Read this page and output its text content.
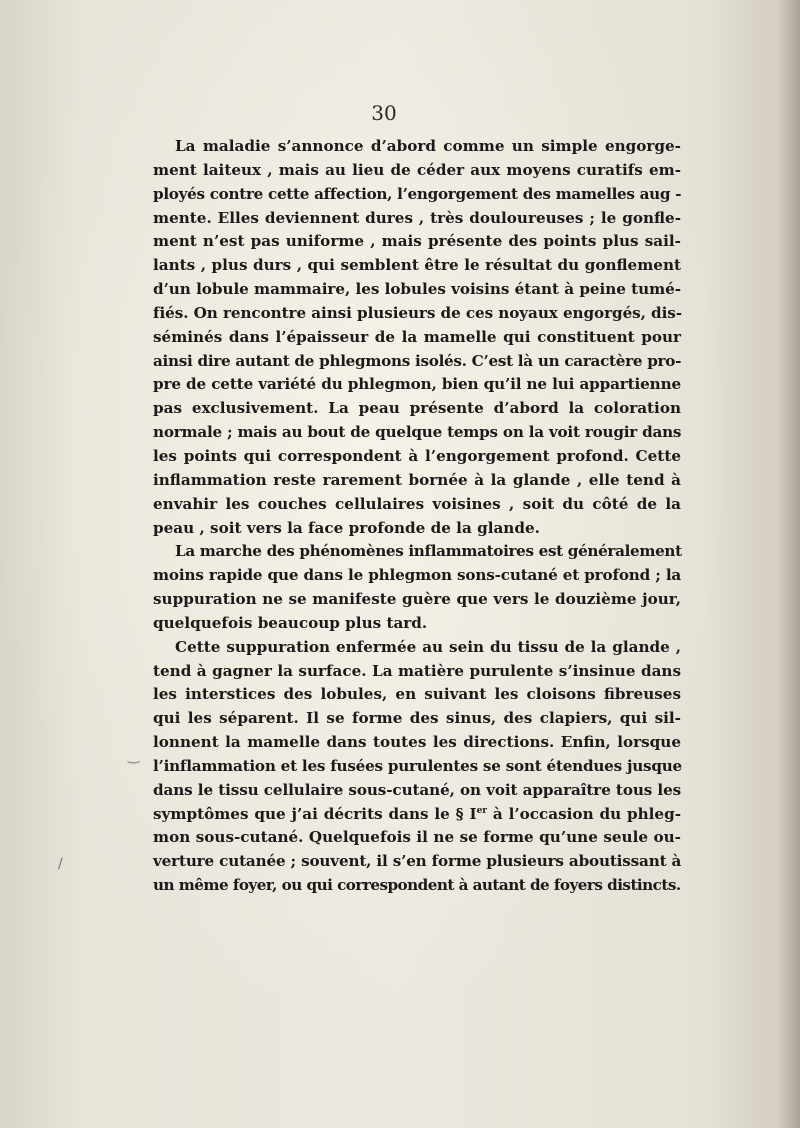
30
La maladie s’annonce d’abord comme un simple engorge-
ment laiteux , mais au lieu de céder aux moyens curatifs em-
ployés contre cette affection, l’engorgement des mamelles aug -
mente. Elles deviennent dures , très douloureuses ; le gonfle-
ment n’est pas uniforme , mais présente des points plus sail-
lants , plus durs , qui semblent être le résultat du gonflement
d’un lobule mammaire, les lobules voisins étant à peine tumé-
fiés. On rencontre ainsi plusieurs de ces noyaux engorgés, dis-
séminés dans l’épaisseur de la mamelle qui constituent pour
ainsi dire autant de phlegmons isolés. C’est là un caractère pro-
pre de cette variété du phlegmon, bien qu’il ne lui appartienne
pas exclusivement. La peau présente d’abord la coloration
normale ; mais au bout de quelque temps on la voit rougir dans
les points qui correspondent à l’engorgement profond. Cette
inflammation reste rarement bornée à la glande , elle tend à
envahir les couches cellulaires voisines , soit du côté de la
peau , soit vers la face profonde de la glande.
La marche des phénomènes inflammatoires est généralement
moins rapide que dans le phlegmon sons-cutané et profond ; la
suppuration ne se manifeste guère que vers le douzième jour,
quelquefois beaucoup plus tard.
Cette suppuration enfermée au sein du tissu de la glande ,
tend à gagner la surface. La matière purulente s’insinue dans
les interstices des lobules, en suivant les cloisons fibreuses
qui les séparent. Il se forme des sinus, des clapiers, qui sil-
lonnent la mamelle dans toutes les directions. Enfin, lorsque
l’inflammation et les fusées purulentes se sont étendues jusque
dans le tissu cellulaire sous-cutané, on voit apparaître tous les
symptômes que j’ai décrits dans le § Ier à l’occasion du phleg-
mon sous-cutané. Quelquefois il ne se forme qu’une seule ou-
verture cutanée ; souvent, il s’en forme plusieurs aboutissant à
un même foyer, ou qui correspondent à autant de foyers distincts.
‿
/
